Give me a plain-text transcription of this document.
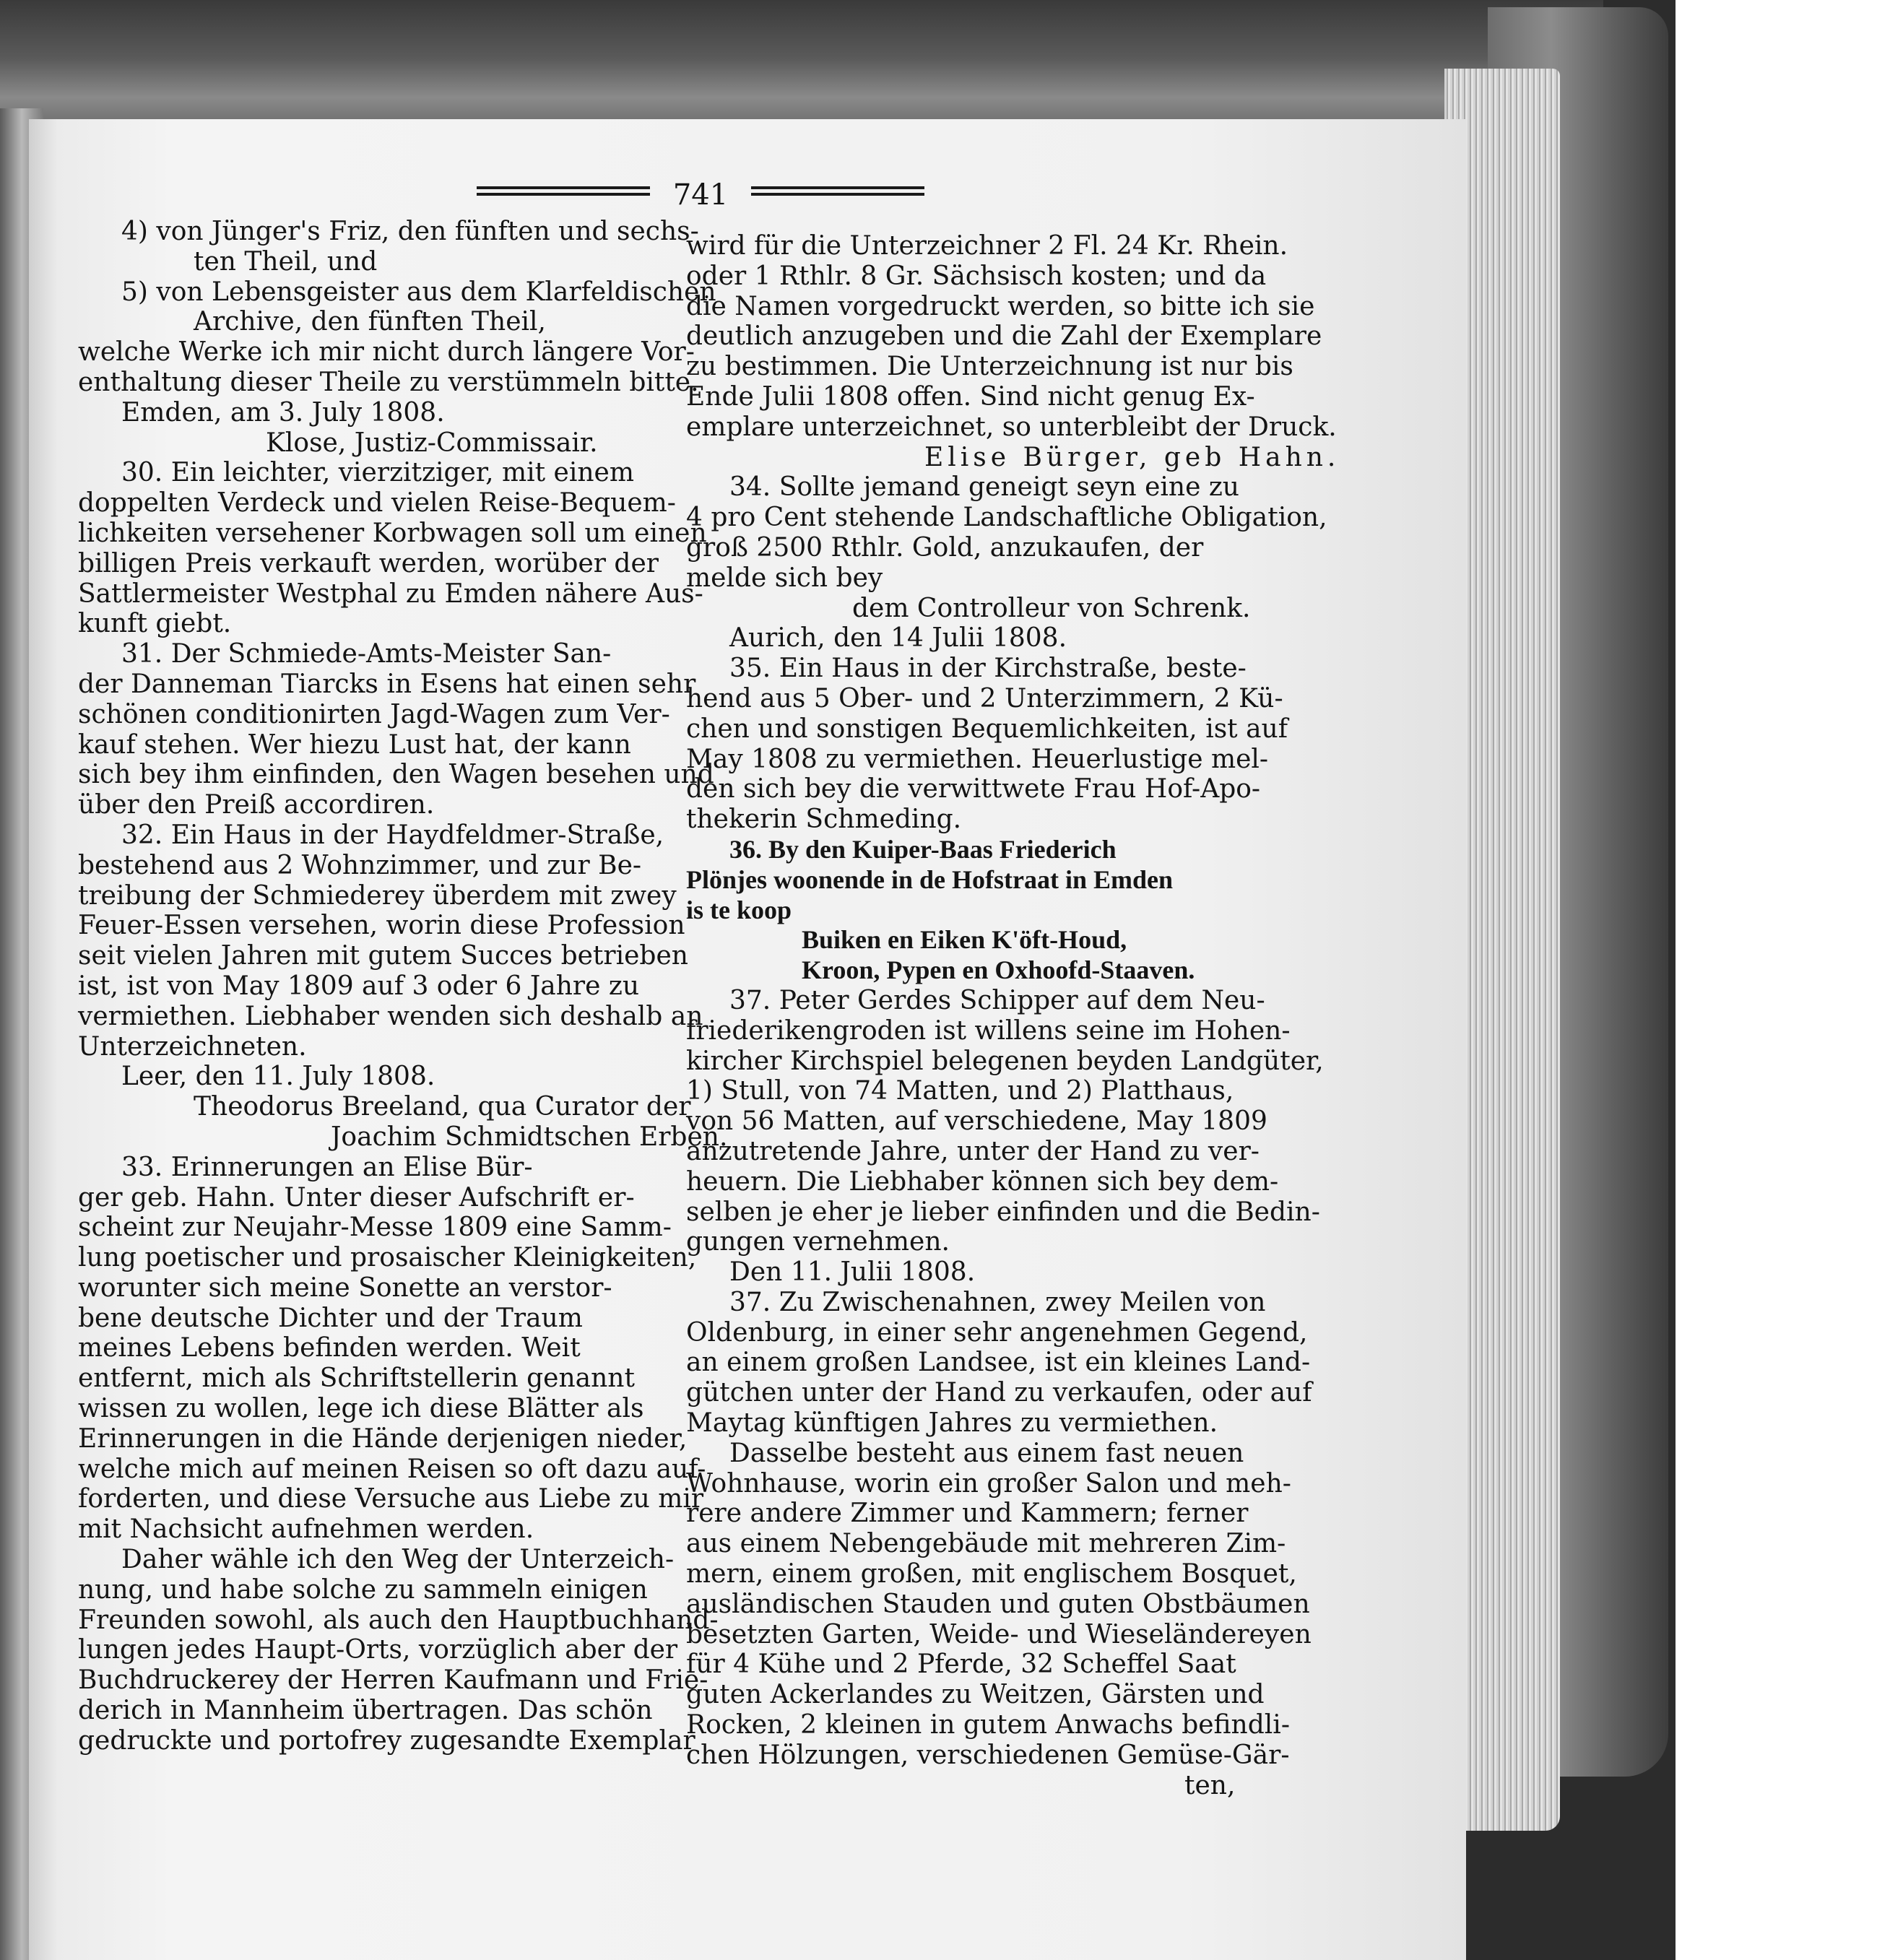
741

4) von Jünger's Friz, den fünften und sechs-

ten Theil, und

5) von Lebensgeister aus dem Klarfeldischen

Archive, den fünften Theil,

welche Werke ich mir nicht durch längere Vor-

enthaltung dieser Theile zu verstümmeln bitte.

Emden, am 3. July 1808.

Klose, Justiz-Commissair.

30. Ein leichter, vierzitziger, mit einem

doppelten Verdeck und vielen Reise-Bequem-

lichkeiten versehener Korbwagen soll um einen

billigen Preis verkauft werden, worüber der

Sattlermeister Westphal zu Emden nähere Aus-

kunft giebt.

31. Der Schmiede-Amts-Meister San-

der Danneman Tiarcks in Esens hat einen sehr

schönen conditionirten Jagd-Wagen zum Ver-

kauf stehen. Wer hiezu Lust hat, der kann

sich bey ihm einfinden, den Wagen besehen und

über den Preiß accordiren.

32. Ein Haus in der Haydfeldmer-Straße,

bestehend aus 2 Wohnzimmer, und zur Be-

treibung der Schmiederey überdem mit zwey

Feuer-Essen versehen, worin diese Profession

seit vielen Jahren mit gutem Succes betrieben

ist, ist von May 1809 auf 3 oder 6 Jahre zu

vermiethen. Liebhaber wenden sich deshalb an

Unterzeichneten.

Leer, den 11. July 1808.

Theodorus Breeland, qua Curator der

Joachim Schmidtschen Erben.

33. Erinnerungen an Elise Bür-

ger geb. Hahn. Unter dieser Aufschrift er-

scheint zur Neujahr-Messe 1809 eine Samm-

lung poetischer und prosaischer Kleinigkeiten,

worunter sich meine Sonette an verstor-

bene deutsche Dichter und der Traum

meines Lebens befinden werden. Weit

entfernt, mich als Schriftstellerin genannt

wissen zu wollen, lege ich diese Blätter als

Erinnerungen in die Hände derjenigen nieder,

welche mich auf meinen Reisen so oft dazu auf-

forderten, und diese Versuche aus Liebe zu mir

mit Nachsicht aufnehmen werden.

Daher wähle ich den Weg der Unterzeich-

nung, und habe solche zu sammeln einigen

Freunden sowohl, als auch den Hauptbuchhand-

lungen jedes Haupt-Orts, vorzüglich aber der

Buchdruckerey der Herren Kaufmann und Frie-

derich in Mannheim übertragen. Das schön

gedruckte und portofrey zugesandte Exemplar

wird für die Unterzeichner 2 Fl. 24 Kr. Rhein.

oder 1 Rthlr. 8 Gr. Sächsisch kosten; und da

die Namen vorgedruckt werden, so bitte ich sie

deutlich anzugeben und die Zahl der Exemplare

zu bestimmen. Die Unterzeichnung ist nur bis

Ende Julii 1808 offen. Sind nicht genug Ex-

emplare unterzeichnet, so unterbleibt der Druck.

Elise Bürger, geb Hahn.

34. Sollte jemand geneigt seyn eine zu

4 pro Cent stehende Landschaftliche Obligation,

groß 2500 Rthlr. Gold, anzukaufen, der

melde sich bey

dem Controlleur von Schrenk.

Aurich, den 14 Julii 1808.

35. Ein Haus in der Kirchstraße, beste-

hend aus 5 Ober- und 2 Unterzimmern, 2 Kü-

chen und sonstigen Bequemlichkeiten, ist auf

May 1808 zu vermiethen. Heuerlustige mel-

den sich bey die verwittwete Frau Hof-Apo-

thekerin Schmeding.

36. By den Kuiper-Baas Friederich

Plönjes woonende in de Hofstraat in Emden

is te koop

Buiken en Eiken K'öft-Houd,

Kroon, Pypen en Oxhoofd-Staaven.

37. Peter Gerdes Schipper auf dem Neu-

friederikengroden ist willens seine im Hohen-

kircher Kirchspiel belegenen beyden Landgüter,

1) Stull, von 74 Matten, und 2) Platthaus,

von 56 Matten, auf verschiedene, May 1809

anzutretende Jahre, unter der Hand zu ver-

heuern. Die Liebhaber können sich bey dem-

selben je eher je lieber einfinden und die Bedin-

gungen vernehmen.

Den 11. Julii 1808.

37. Zu Zwischenahnen, zwey Meilen von

Oldenburg, in einer sehr angenehmen Gegend,

an einem großen Landsee, ist ein kleines Land-

gütchen unter der Hand zu verkaufen, oder auf

Maytag künftigen Jahres zu vermiethen.

Dasselbe besteht aus einem fast neuen

Wohnhause, worin ein großer Salon und meh-

rere andere Zimmer und Kammern; ferner

aus einem Nebengebäude mit mehreren Zim-

mern, einem großen, mit englischem Bosquet,

ausländischen Stauden und guten Obstbäumen

besetzten Garten, Weide- und Wieseländereyen

für 4 Kühe und 2 Pferde, 32 Scheffel Saat

guten Ackerlandes zu Weitzen, Gärsten und

Rocken, 2 kleinen in gutem Anwachs befindli-

chen Hölzungen, verschiedenen Gemüse-Gär-

ten,
